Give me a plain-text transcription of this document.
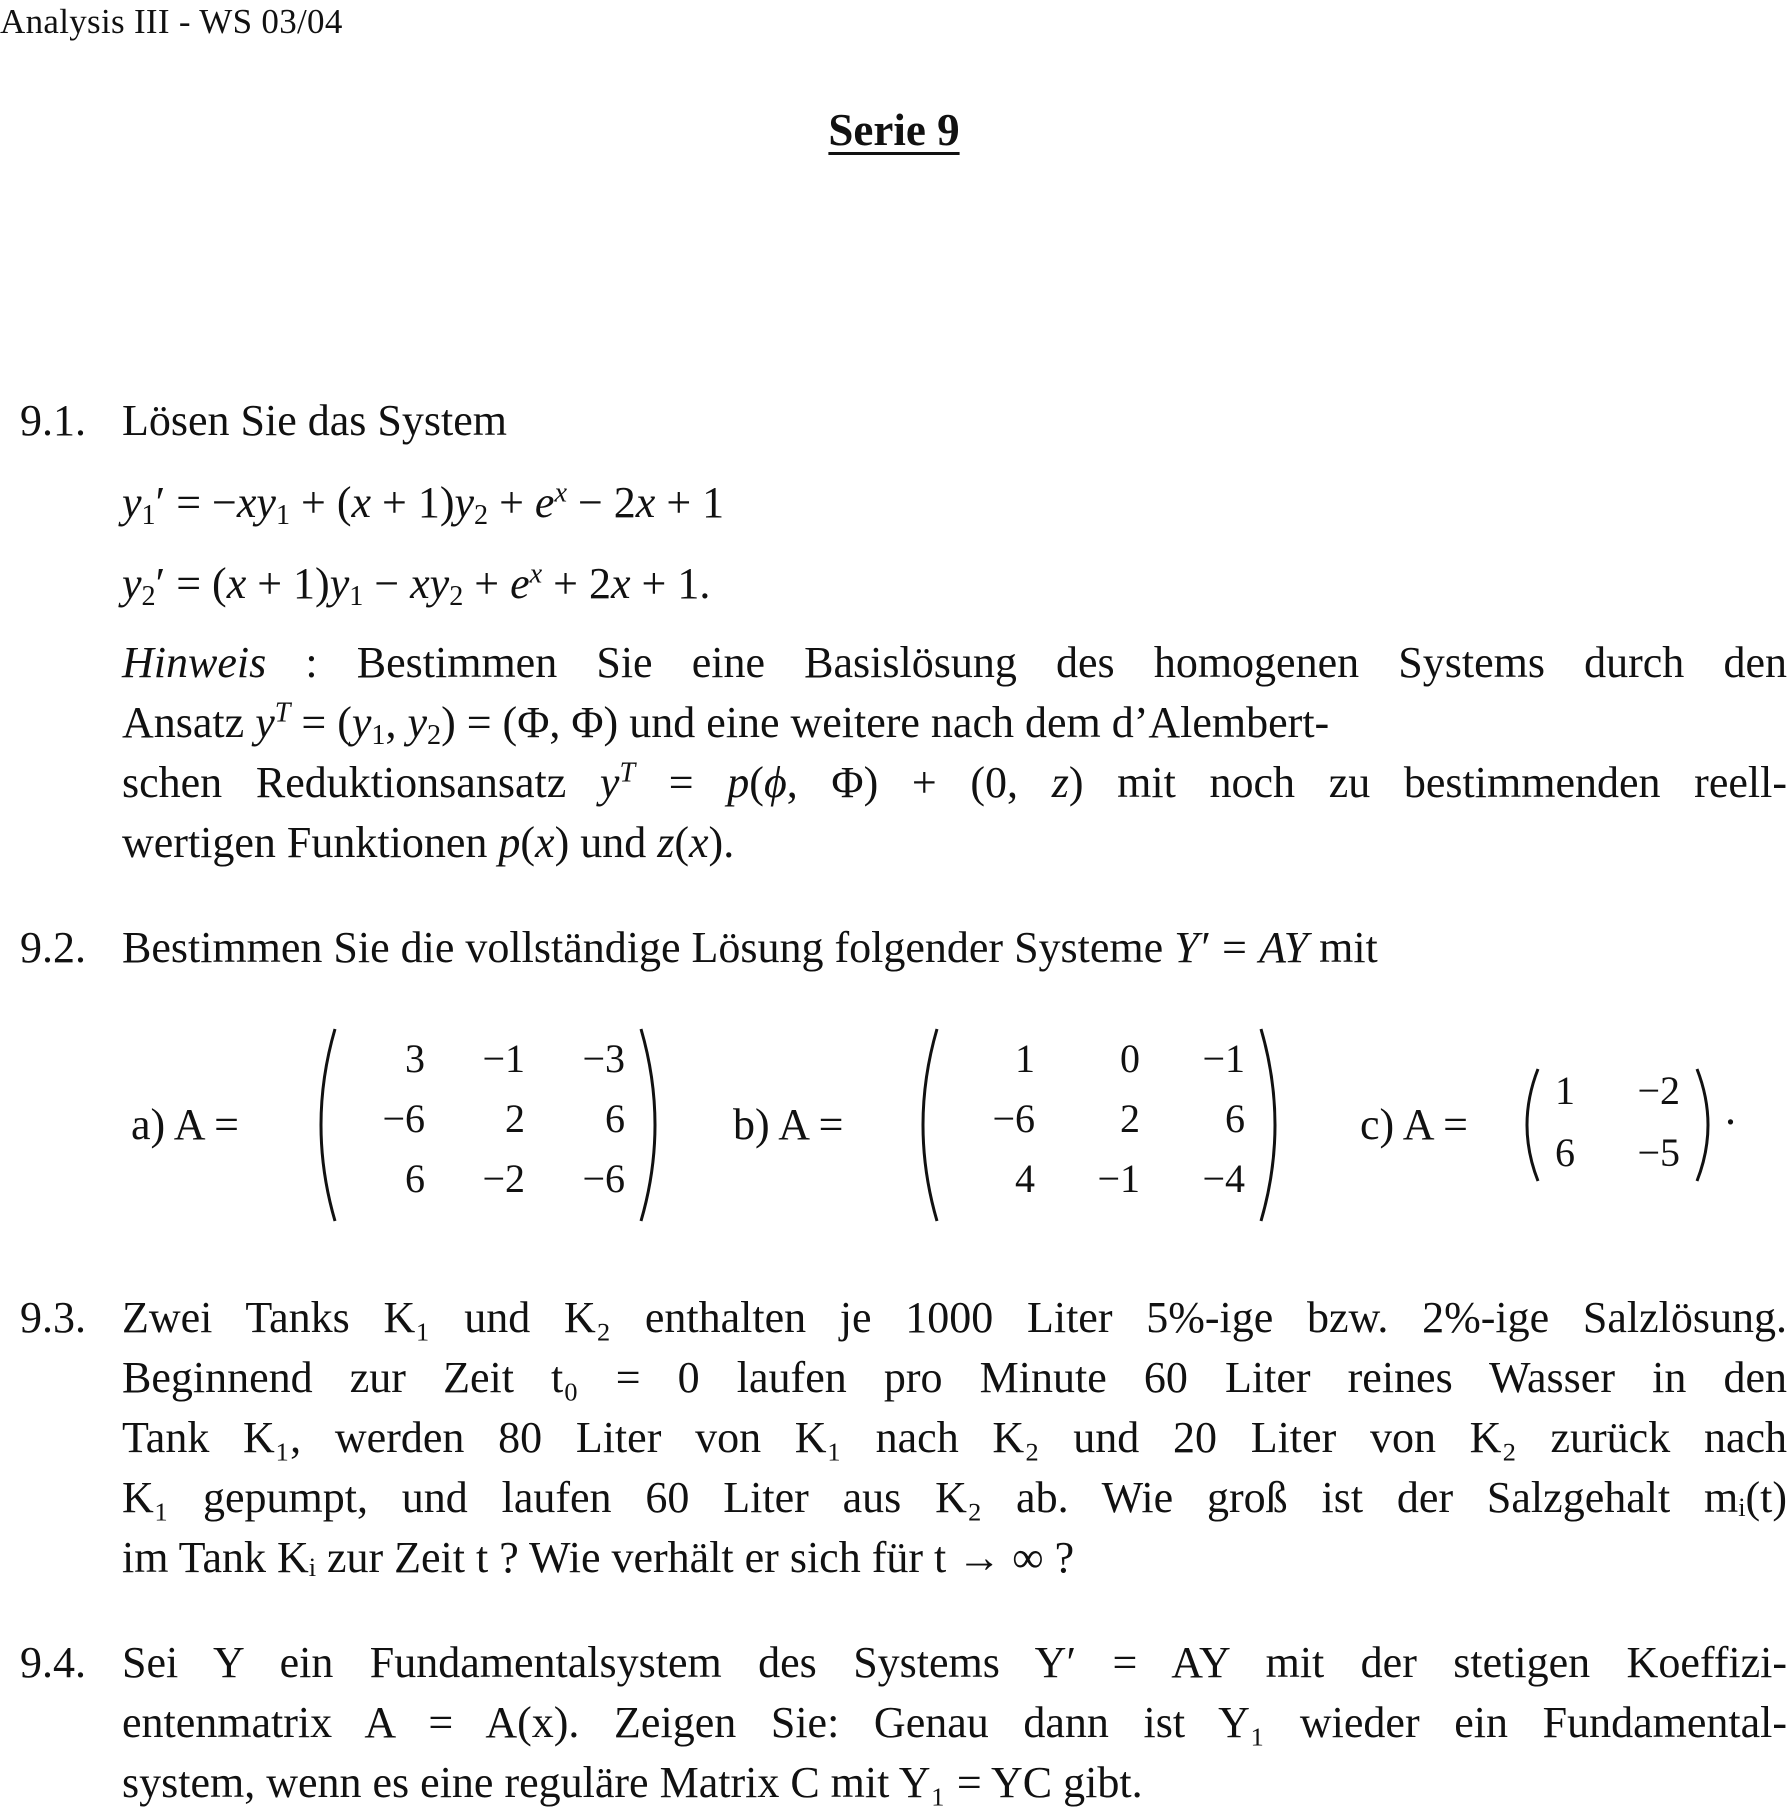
Analysis III - WS 03/04
Serie 9
9.1. Lösen Sie das System
$y_1' = -xy_1 + (x + 1)y_2 + e^x - 2x + 1$
$y_2' = (x + 1)y_1 - xy_2 + e^x + 2x + 1$.
Hinweis : Bestimmen Sie eine Basislösung des homogenen Systems durch den
Ansatz $y^T = (y_1$, $y_2) = (\Phi$, Φ) und eine weitere nach dem d’Alembert-
schen Reduktionsansatz $y^T = p(\phi$, Φ) + (0, z) mit noch zu bestimmenden reell-
wertigen Funktionen p(x) und z(x).
9.2. Bestimmen Sie die vollständige Lösung folgender Systeme Y′ = AY mit
a) A =
3	−1	−3
−6	2	6
6	−2	−6
b) A =
1	0	−1
−6	2	6
4	−1	−4
c) A =
1	−2
6	−5
.
9.3. Zwei Tanks K₁ und K₂ enthalten je 1000 Liter 5%-ige bzw. 2%-ige Salzlösung.
Beginnend zur Zeit t₀ = 0 laufen pro Minute 60 Liter reines Wasser in den
Tank K₁, werden 80 Liter von K₁ nach K₂ und 20 Liter von K₂ zurück nach
K₁ gepumpt, und laufen 60 Liter aus K₂ ab. Wie groß ist der Salzgehalt mᵢ(t)
im Tank Kᵢ zur Zeit t ? Wie verhält er sich für t → ∞ ?
9.4. Sei Y ein Fundamentalsystem des Systems Y′ = AY mit der stetigen Koeffizi-
entenmatrix A = A(x). Zeigen Sie: Genau dann ist Y₁ wieder ein Fundamental-
system, wenn es eine reguläre Matrix C mit Y₁ = YC gibt.
